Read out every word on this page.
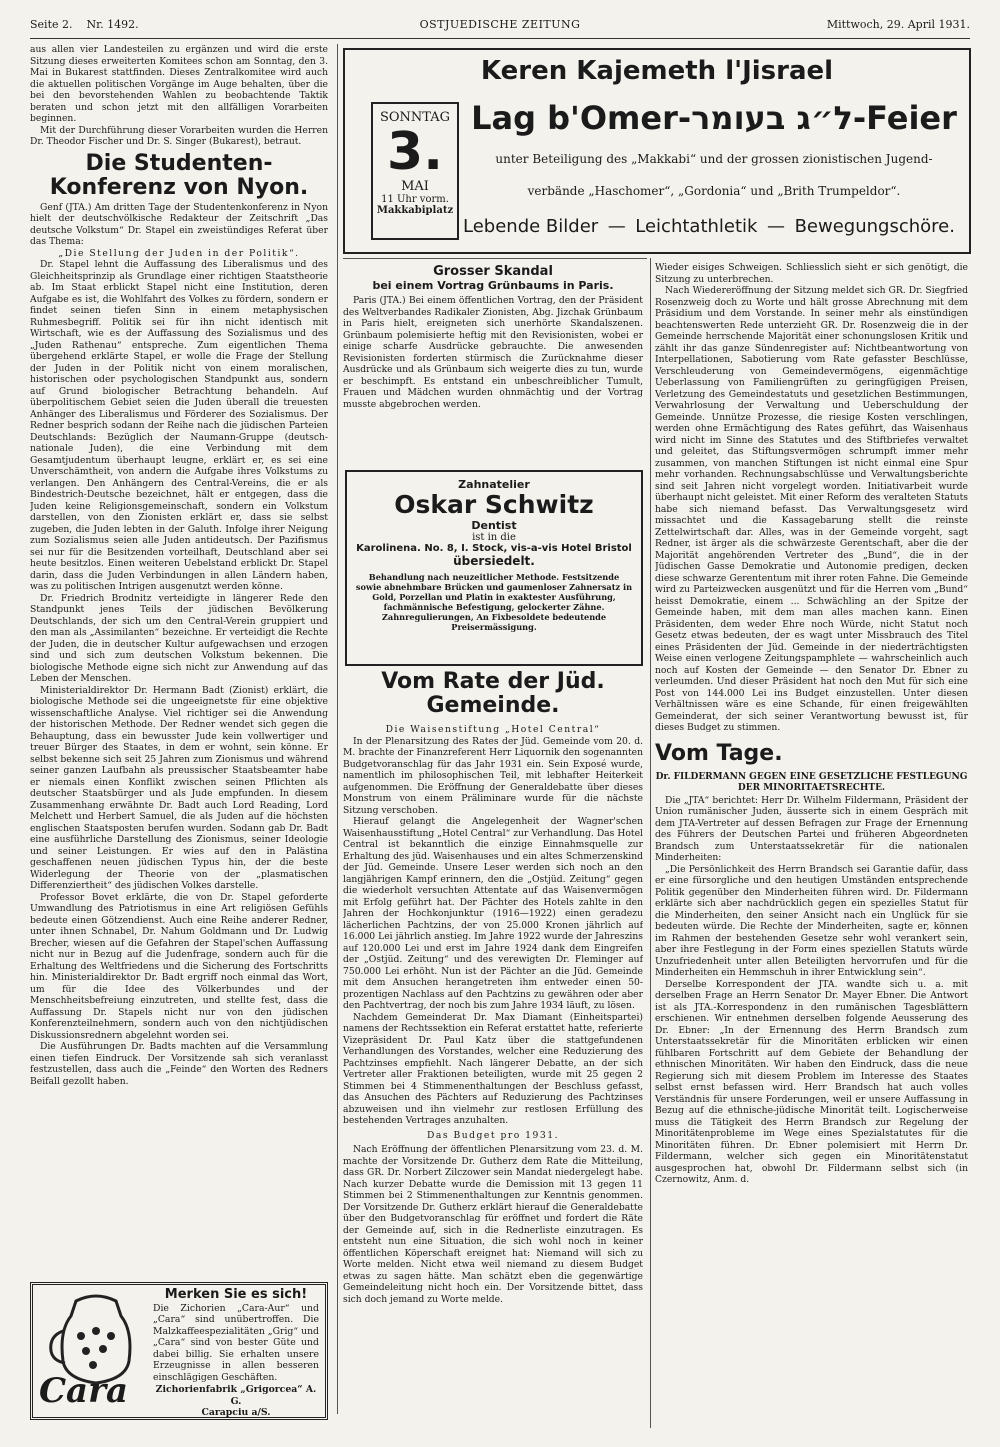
Seite 2. Nr. 1492.	OSTJUEDISCHE ZEITUNG	Mittwoch, 29. April 1931.

aus allen vier Landesteilen zu ergänzen und wird die erste Sitzung dieses erweiterten Komitees schon am Sonntag, den 3. Mai in Bukarest stattfinden. Dieses Zentralkomitee wird auch die aktuellen politischen Vorgänge im Auge behalten, über die bei den bevorstehenden Wahlen zu beobachtende Taktik beraten und schon jetzt mit den allfälligen Vorarbeiten beginnen.

Mit der Durchführung dieser Vorarbeiten wurden die Herren Dr. Theodor Fischer und Dr. S. Singer (Bukarest), betraut.

Die Studenten-Konferenz von Nyon.

Genf (JTA.) Am dritten Tage der Studentenkonferenz in Nyon hielt der deutschvölkische Redakteur der Zeitschrift „Das deutsche Volkstum“ Dr. Stapel ein zweistündiges Referat über das Thema:

„Die Stellung der Juden in der Politik“.

Dr. Stapel lehnt die Auffassung des Liberalismus und des Gleichheitsprinzip als Grundlage einer richtigen Staatstheorie ab. Im Staat erblickt Stapel nicht eine Institution, deren Aufgabe es ist, die Wohlfahrt des Volkes zu fördern, sondern er findet seinen tiefen Sinn in einem metaphysischen Ruhmesbegriff. Politik sei für ihn nicht identisch mit Wirtschaft, wie es der Auffassung des Sozialismus und des „Juden Rathenau“ entspreche. Zum eigentlichen Thema übergehend erklärte Stapel, er wolle die Frage der Stellung der Juden in der Politik nicht von einem moralischen, historischen oder psychologischen Standpunkt aus, sondern auf Grund biologischer Betrachtung behandeln. Auf überpolitischem Gebiet seien die Juden überall die treuesten Anhänger des Liberalismus und Förderer des Sozialismus. Der Redner besprich sodann der Reihe nach die jüdischen Parteien Deutschlands: Bezüglich der Naumann-Gruppe (deutsch-nationale Juden), die eine Verbindung mit dem Gesamtjudentum überhaupt leugne, erklärt er, es sei eine Unverschämtheit, von andern die Aufgabe ihres Volkstums zu verlangen. Den Anhängern des Central-Vereins, die er als Bindestrich-Deutsche bezeichnet, hält er entgegen, dass die Juden keine Religionsgemeinschaft, sondern ein Volkstum darstellen, von den Zionisten erklärt er, dass sie selbst zugeben, die Juden lebten in der Galuth. Infolge ihrer Neigung zum Sozialismus seien alle Juden antideutsch. Der Pazifismus sei nur für die Besitzenden vorteilhaft, Deutschland aber sei heute besitzlos. Einen weiteren Uebelstand erblickt Dr. Stapel darin, dass die Juden Verbindungen in allen Ländern haben, was zu politischen Intrigen ausgenutzt werden könne.

Dr. Friedrich Brodnitz verteidigte in längerer Rede den Standpunkt jenes Teils der jüdischen Bevölkerung Deutschlands, der sich um den Central-Verein gruppiert und den man als „Assimilanten“ bezeichne. Er verteidigt die Rechte der Juden, die in deutscher Kultur aufgewachsen und erzogen sind und sich zum deutschen Volkstum bekennen. Die biologische Methode eigne sich nicht zur Anwendung auf das Leben der Menschen.

Ministerialdirektor Dr. Hermann Badt (Zionist) erklärt, die biologische Methode sei die ungeeignetste für eine objektive wissenschaftliche Analyse. Viel richtiger sei die Anwendung der historischen Methode. Der Redner wendet sich gegen die Behauptung, dass ein bewusster Jude kein vollwertiger und treuer Bürger des Staates, in dem er wohnt, sein könne. Er selbst bekenne sich seit 25 Jahren zum Zionismus und während seiner ganzen Laufbahn als preussischer Staatsbeamter habe er niemals einen Konflikt zwischen seinen Pflichten als deutscher Staatsbürger und als Jude empfunden. In diesem Zusammenhang erwähnte Dr. Badt auch Lord Reading, Lord Melchett und Herbert Samuel, die als Juden auf die höchsten englischen Staatsposten berufen wurden. Sodann gab Dr. Badt eine ausführliche Darstellung des Zionismus, seiner Ideologie und seiner Leistungen. Er wies auf den in Palästina geschaffenen neuen jüdischen Typus hin, der die beste Widerlegung der Theorie von der „plasmatischen Differenziertheit“ des jüdischen Volkes darstelle.

Professor Bovet erklärte, die von Dr. Stapel geforderte Umwandlung des Patriotismus in eine Art religiösen Gefühls bedeute einen Götzendienst. Auch eine Reihe anderer Redner, unter ihnen Schnabel, Dr. Nahum Goldmann und Dr. Ludwig Brecher, wiesen auf die Gefahren der Stapel'schen Auffassung nicht nur in Bezug auf die Judenfrage, sondern auch für die Erhaltung des Weltfriedens und die Sicherung des Fortschritts hin. Ministerialdirektor Dr. Badt ergriff noch einmal das Wort, um für die Idee des Völkerbundes und der Menschheitsbefreiung einzutreten, und stellte fest, dass die Auffassung Dr. Stapels nicht nur von den jüdischen Konferenzteilnehmern, sondern auch von den nichtjüdischen Diskussionsrednern abgelehnt worden sei.

Die Ausführungen Dr. Badts machten auf die Versammlung einen tiefen Eindruck. Der Vorsitzende sah sich veranlasst festzustellen, dass auch die „Feinde“ den Worten des Redners Beifall gezollt haben.

Cara
Merken Sie es sich!
Die Zichorien „Cara-Aur“ und „Cara“ sind unübertroffen. Die Malzkaffeespezialitäten „Grig“ und „Cara“ sind von bester Güte und dabei billig. Sie erhalten unsere Erzeugnisse in allen besseren einschlägigen Geschäften.
Zichorienfabrik „Grigorcea“ A. G.
Carapciu a/S.
Keren Kajemeth l'Jisrael
SONNTAG
3.
MAI
11 Uhr vorm.
Makkabiplatz
Lag b'Omer-ל״ג בעומר-Feier
unter Beteiligung des „Makkabi“ und der grossen zionistischen Jugend-
verbände „Haschomer“, „Gordonia“ und „Brith Trumpeldor“.
Lebende Bilder — Leichtathletik — Bewegungschöre.
Grosser Skandal
bei einem Vortrag Grünbaums in Paris.

Paris (JTA.) Bei einem öffentlichen Vortrag, den der Präsident des Weltverbandes Radikaler Zionisten, Abg. Jizchak Grünbaum in Paris hielt, ereigneten sich unerhörte Skandalszenen. Grünbaum polemisierte heftig mit den Revisionisten, wobei er einige scharfe Ausdrücke gebrauchte. Die anwesenden Revisionisten forderten stürmisch die Zurücknahme dieser Ausdrücke und als Grünbaum sich weigerte dies zu tun, wurde er beschimpft. Es entstand ein unbeschreiblicher Tumult, Frauen und Mädchen wurden ohnmächtig und der Vortrag musste abgebrochen werden.

Zahnatelier
Oskar Schwitz
Dentist
ist in die
Karolinena. No. 8, I. Stock, vis-a-vis Hotel Bristol
übersiedelt.
Behandlung nach neuzeitlicher Methode. Festsitzende sowie abnehmbare Brücken und gaumenloser Zahnersatz in Gold, Porzellan und Platin in exaktester Ausführung, fachmännische Befestigung, gelockerter Zähne. Zahnregulierungen, An Fixbesoldete bedeutende Preisermässigung.
Vom Rate der Jüd. Gemeinde.

Die Waisenstiftung „Hotel Central“

In der Plenarsitzung des Rates der Jüd. Gemeinde vom 20. d. M. brachte der Finanzreferent Herr Liquornik den sogenannten Budgetvoranschlag für das Jahr 1931 ein. Sein Exposé wurde, namentlich im philosophischen Teil, mit lebhafter Heiterkeit aufgenommen. Die Eröffnung der Generaldebatte über dieses Monstrum von einem Präliminare wurde für die nächste Sitzung verschoben.

Hierauf gelangt die Angelegenheit der Wagner'schen Waisenhausstiftung „Hotel Central“ zur Verhandlung. Das Hotel Central ist bekanntlich die einzige Einnahmsquelle zur Erhaltung des jüd. Waisenhauses und ein altes Schmerzenskind der Jüd. Gemeinde. Unsere Leser werden sich noch an den langjährigen Kampf erinnern, den die „Ostjüd. Zeitung“ gegen die wiederholt versuchten Attentate auf das Waisenvermögen mit Erfolg geführt hat. Der Pächter des Hotels zahlte in den Jahren der Hochkonjunktur (1916—1922) einen geradezu lächerlichen Pachtzins, der von 25.000 Kronen jährlich auf 16.000 Lei jährlich anstieg. Im Jahre 1922 wurde der Jahreszins auf 120.000 Lei und erst im Jahre 1924 dank dem Eingreifen der „Ostjüd. Zeitung“ und des verewigten Dr. Fleminger auf 750.000 Lei erhöht. Nun ist der Pächter an die Jüd. Gemeinde mit dem Ansuchen herangetreten ihm entweder einen 50-prozentigen Nachlass auf den Pachtzins zu gewähren oder aber den Pachtvertrag, der noch bis zum Jahre 1934 läuft, zu lösen.

Nachdem Gemeinderat Dr. Max Diamant (Einheitspartei) namens der Rechtssektion ein Referat erstattet hatte, referierte Vizepräsident Dr. Paul Katz über die stattgefundenen Verhandlungen des Vorstandes, welcher eine Reduzierung des Pachtzinses empfiehlt. Nach längerer Debatte, an der sich Vertreter aller Fraktionen beteiligten, wurde mit 25 gegen 2 Stimmen bei 4 Stimmenenthaltungen der Beschluss gefasst, das Ansuchen des Pächters auf Reduzierung des Pachtzinses abzuweisen und ihn vielmehr zur restlosen Erfüllung des bestehenden Vertrages anzuhalten.

Das Budget pro 1931.

Nach Eröffnung der öffentlichen Plenarsitzung vom 23. d. M. machte der Vorsitzende Dr. Gutherz dem Rate die Mitteilung, dass GR. Dr. Norbert Zilczower sein Mandat niedergelegt habe. Nach kurzer Debatte wurde die Demission mit 13 gegen 11 Stimmen bei 2 Stimmenenthaltungen zur Kenntnis genommen. Der Vorsitzende Dr. Gutherz erklärt hierauf die Generaldebatte über den Budgetvoranschlag für eröffnet und fordert die Räte der Gemeinde auf, sich in die Rednerliste einzutragen. Es entsteht nun eine Situation, die sich wohl noch in keiner öffentlichen Köperschaft ereignet hat: Niemand will sich zu Worte melden. Nicht etwa weil niemand zu diesem Budget etwas zu sagen hätte. Man schätzt eben die gegenwärtige Gemeindeleitung nicht hoch ein. Der Vorsitzende bittet, dass sich doch jemand zu Worte melde.

Wieder eisiges Schweigen. Schliesslich sieht er sich genötigt, die Sitzung zu unterbrechen.

Nach Wiedereröffnung der Sitzung meldet sich GR. Dr. Siegfried Rosenzweig doch zu Worte und hält grosse Abrechnung mit dem Präsidium und dem Vorstande. In seiner mehr als einstündigen beachtenswerten Rede unterzieht GR. Dr. Rosenzweig die in der Gemeinde herrschende Majorität einer schonungslosen Kritik und zählt ihr das ganze Sündenregister auf: Nichtbeantwortung von Interpellationen, Sabotierung vom Rate gefasster Beschlüsse, Verschleuderung von Gemeindevermögens, eigenmächtige Ueberlassung von Familiengrüften zu geringfügigen Preisen, Verletzung des Gemeindestatuts und gesetzlichen Bestimmungen, Verwahrlosung der Verwaltung und Ueberschuldung der Gemeinde. Unnütze Prozesse, die riesige Kosten verschlingen, werden ohne Ermächtigung des Rates geführt, das Waisenhaus wird nicht im Sinne des Statutes und des Stiftbriefes verwaltet und geleitet, das Stiftungsvermögen schrumpft immer mehr zusammen, von manchen Stiftungen ist nicht einmal eine Spur mehr vorhanden. Rechnungsabschlüsse und Verwaltungsberichte sind seit Jahren nicht vorgelegt worden. Initiativarbeit wurde überhaupt nicht geleistet. Mit einer Reform des veralteten Statuts habe sich niemand befasst. Das Verwaltungsgesetz wird missachtet und die Kassagebarung stellt die reinste Zettelwirtschaft dar. Alles, was in der Gemeinde vorgeht, sagt Redner, ist ärger als die schwärzeste Gerentschaft, aber die der Majorität angehörenden Vertreter des „Bund“, die in der Jüdischen Gasse Demokratie und Autonomie predigen, decken diese schwarze Gerententum mit ihrer roten Fahne. Die Gemeinde wird zu Parteizwecken ausgenützt und für die Herren vom „Bund“ heisst Demokratie, einem ... Schwächling an der Spitze der Gemeinde haben, mit dem man alles machen kann. Einen Präsidenten, dem weder Ehre noch Würde, nicht Statut noch Gesetz etwas bedeuten, der es wagt unter Missbrauch des Titel eines Präsidenten der Jüd. Gemeinde in der niederträchtigsten Weise einen verlogene Zeitungspamphlete — wahrscheinlich auch noch auf Kosten der Gemeinde — den Senator Dr. Ebner zu verleumden. Und dieser Präsident hat noch den Mut für sich eine Post von 144.000 Lei ins Budget einzustellen. Unter diesen Verhältnissen wäre es eine Schande, für einen freigewählten Gemeinderat, der sich seiner Verantwortung bewusst ist, für dieses Budget zu stimmen.

Vom Tage.

Dr. FILDERMANN GEGEN EINE GESETZLICHE FESTLEGUNG DER MINORITAETSRECHTE.

Die „JTA“ berichtet: Herr Dr. Wilhelm Fildermann, Präsident der Union rumänischer Juden, äusserte sich in einem Gespräch mit dem JTA-Vertreter auf dessen Befragen zur Frage der Ernennung des Führers der Deutschen Partei und früheren Abgeordneten Brandsch zum Unterstaatssekretär für die nationalen Minderheiten:

„Die Persönlichkeit des Herrn Brandsch sei Garantie dafür, dass er eine fürsorgliche und den heutigen Umständen entsprechende Politik gegenüber den Minderheiten führen wird. Dr. Fildermann erklärte sich aber nachdrücklich gegen ein spezielles Statut für die Minderheiten, den seiner Ansicht nach ein Unglück für sie bedeuten würde. Die Rechte der Minderheiten, sagte er, können im Rahmen der bestehenden Gesetze sehr wohl verankert sein, aber ihre Festlegung in der Form eines speziellen Statuts würde Unzufriedenheit unter allen Beteiligten hervorrufen und für die Minderheiten ein Hemmschuh in ihrer Entwicklung sein“.

Derselbe Korrespondent der JTA. wandte sich u. a. mit derselben Frage an Herrn Senator Dr. Mayer Ebner. Die Antwort ist als JTA.-Korrespondenz in den rumänischen Tagesblättern erschienen. Wir entnehmen derselben folgende Aeusserung des Dr. Ebner: „In der Ernennung des Herrn Brandsch zum Unterstaatssekretär für die Minoritäten erblicken wir einen fühlbaren Fortschritt auf dem Gebiete der Behandlung der ethnischen Minoritäten. Wir haben den Eindruck, dass die neue Regierung sich mit diesem Problem im Interesse des Staates selbst ernst befassen wird. Herr Brandsch hat auch volles Verständnis für unsere Forderungen, weil er unsere Auffassung in Bezug auf die ethnische-jüdische Minorität teilt. Logischerweise muss die Tätigkeit des Herrn Brandsch zur Regelung der Minoritätenprobleme im Wege eines Spezialstatutes für die Minoritäten führen. Dr. Ebner polemisiert mit Herrn Dr. Fildermann, welcher sich gegen ein Minoritätenstatut ausgesprochen hat, obwohl Dr. Fildermann selbst sich (in Czernowitz, Anm. d.
